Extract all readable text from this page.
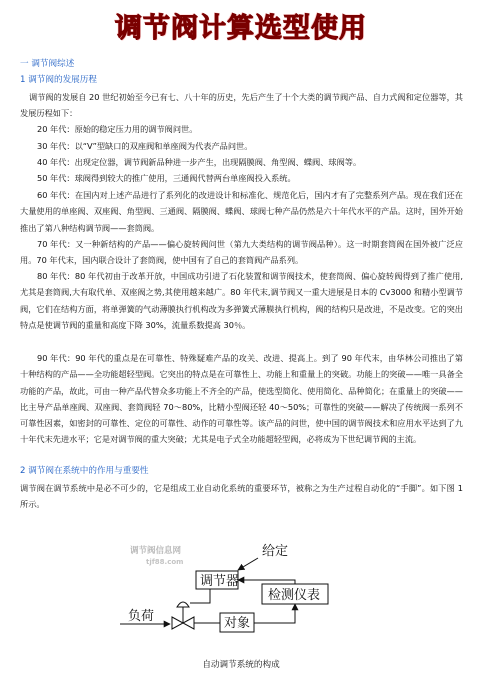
调节阀计算选型使用
一 调节阀综述
1 调节阀的发展历程

调节阀的发展自 20 世纪初始至今已有七、八十年的历史，先后产生了十个大类的调节阀产品、自力式阀和定位器等，其发展历程如下：

20 年代：原始的稳定压力用的调节阀问世。

30 年代：以“V”型缺口的双座阀和单座阀为代表产品问世。

40 年代：出现定位器，调节阀新品种进一步产生，出现隔膜阀、角型阀、蝶阀、球阀等。

50 年代：球阀得到较大的推广使用，三通阀代替两台单座阀投入系统。

60 年代：在国内对上述产品进行了系列化的改进设计和标准化、规范化后，国内才有了完整系列产品。现在我们还在大量使用的单座阀、双座阀、角型阀、三通阀、隔膜阀、蝶阀、球阀七种产品仍然是六十年代水平的产品。这时，国外开始推出了第八种结构调节阀——套筒阀。

70 年代：又一种新结构的产品——偏心旋转阀问世（第九大类结构的调节阀品种）。这一时期套筒阀在国外被广泛应用。70 年代末，国内联合设计了套筒阀，使中国有了自己的套筒阀产品系列。

80 年代：80 年代初由于改革开放，中国成功引进了石化装置和调节阀技术，使套筒阀、偏心旋转阀得到了推广使用,尤其是套筒阀,大有取代单、双座阀之势,其使用越来越广。80 年代末,调节阀又一重大进展是日本的 Cv3000 和精小型调节阀，它们在结构方面，将单弹簧的气动薄膜执行机构改为多弹簧式薄膜执行机构，阀的结构只是改进，不是改变。它的突出特点是使调节阀的重量和高度下降 30%，流量系数提高 30％。

90 年代：90 年代的重点是在可靠性、特殊疑难产品的攻关、改进、提高上。到了 90 年代末，由华林公司推出了第十种结构的产品——全功能超轻型阀。它突出的特点是在可靠性上、功能上和重量上的突破。功能上的突破——唯一具备全功能的产品，故此，可由一种产品代替众多功能上不齐全的产品，使选型简化、使用简化、品种简化；在重量上的突破——比主导产品单座阀、双座阀、套筒阀轻 70～80%，比精小型阀还轻 40～50%；可靠性的突破——解决了传统阀一系列不可靠性因素，如密封的可靠性、定位的可靠性、动作的可靠性等。该产品的问世，使中国的调节阀技术和应用水平达到了九十年代末先进水平；它是对调节阀的重大突破；尤其是电子式全功能超轻型阀，必将成为下世纪调节阀的主流。

2 调节阀在系统中的作用与重要性

调节阀在调节系统中是必不可少的，它是组成工业自动化系统的重要环节，被称之为生产过程自动化的“手脚”。如下图 1 所示。

调节阀信息网
tjf88.com
给定
调节器
检测仪表
负荷	对象
自动调节系统的构成
